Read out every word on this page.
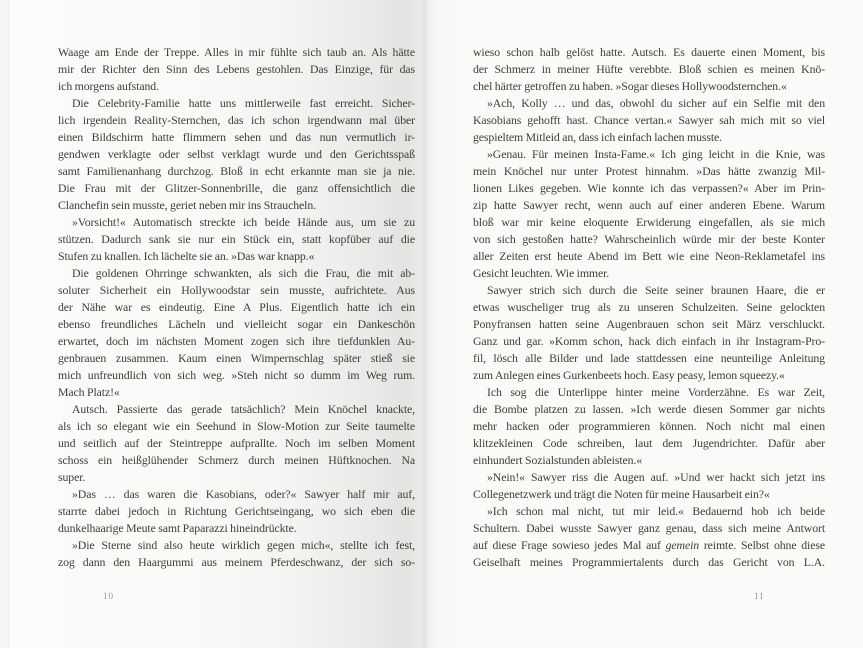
Waage am Ende der Treppe. Alles in mir fühlte sich taub an. Als hätte
mir der Richter den Sinn des Lebens gestohlen. Das Einzige, für das
ich morgens aufstand.
Die Celebrity-Familie hatte uns mittlerweile fast erreicht. Sicher-
lich irgendein Reality-Sternchen, das ich schon irgendwann mal über
einen Bildschirm hatte flimmern sehen und das nun vermutlich ir-
gendwen verklagte oder selbst verklagt wurde und den Gerichtsspaß
samt Familienanhang durchzog. Bloß in echt erkannte man sie ja nie.
Die Frau mit der Glitzer-Sonnenbrille, die ganz offensichtlich die
Clanchefin sein musste, geriet neben mir ins Straucheln.
»Vorsicht!« Automatisch streckte ich beide Hände aus, um sie zu
stützen. Dadurch sank sie nur ein Stück ein, statt kopfüber auf die
Stufen zu knallen. Ich lächelte sie an. »Das war knapp.«
Die goldenen Ohrringe schwankten, als sich die Frau, die mit ab-
soluter Sicherheit ein Hollywoodstar sein musste, aufrichtete. Aus
der Nähe war es eindeutig. Eine A Plus. Eigentlich hatte ich ein
ebenso freundliches Lächeln und vielleicht sogar ein Dankeschön
erwartet, doch im nächsten Moment zogen sich ihre tiefdunklen Au-
genbrauen zusammen. Kaum einen Wimpernschlag später stieß sie
mich unfreundlich von sich weg. »Steh nicht so dumm im Weg rum.
Mach Platz!«
Autsch. Passierte das gerade tatsächlich? Mein Knöchel knackte,
als ich so elegant wie ein Seehund in Slow-Motion zur Seite taumelte
und seitlich auf der Steintreppe aufprallte. Noch im selben Moment
schoss ein heißglühender Schmerz durch meinen Hüftknochen. Na
super.
»Das … das waren die Kasobians, oder?« Sawyer half mir auf,
starrte dabei jedoch in Richtung Gerichtseingang, wo sich eben die
dunkelhaarige Meute samt Paparazzi hineindrückte.
»Die Sterne sind also heute wirklich gegen mich«, stellte ich fest,
zog dann den Haargummi aus meinem Pferdeschwanz, der sich so-
10
wieso schon halb gelöst hatte. Autsch. Es dauerte einen Moment, bis
der Schmerz in meiner Hüfte verebbte. Bloß schien es meinen Knö-
chel härter getroffen zu haben. »Sogar dieses Hollywoodsternchen.«
»Ach, Kolly … und das, obwohl du sicher auf ein Selfie mit den
Kasobians gehofft hast. Chance vertan.« Sawyer sah mich mit so viel
gespieltem Mitleid an, dass ich einfach lachen musste.
»Genau. Für meinen Insta-Fame.« Ich ging leicht in die Knie, was
mein Knöchel nur unter Protest hinnahm. »Das hätte zwanzig Mil-
lionen Likes gegeben. Wie konnte ich das verpassen?« Aber im Prin-
zip hatte Sawyer recht, wenn auch auf einer anderen Ebene. Warum
bloß war mir keine eloquente Erwiderung eingefallen, als sie mich
von sich gestoßen hatte? Wahrscheinlich würde mir der beste Konter
aller Zeiten erst heute Abend im Bett wie eine Neon-Reklametafel ins
Gesicht leuchten. Wie immer.
Sawyer strich sich durch die Seite seiner braunen Haare, die er
etwas wuscheliger trug als zu unseren Schulzeiten. Seine gelockten
Ponyfransen hatten seine Augenbrauen schon seit März verschluckt.
Ganz und gar. »Komm schon, hack dich einfach in ihr Instagram-Pro-
fil, lösch alle Bilder und lade stattdessen eine neunteilige Anleitung
zum Anlegen eines Gurkenbeets hoch. Easy peasy, lemon squeezy.«
Ich sog die Unterlippe hinter meine Vorderzähne. Es war Zeit,
die Bombe platzen zu lassen. »Ich werde diesen Sommer gar nichts
mehr hacken oder programmieren können. Noch nicht mal einen
klitzekleinen Code schreiben, laut dem Jugendrichter. Dafür aber
einhundert Sozialstunden ableisten.«
»Nein!« Sawyer riss die Augen auf. »Und wer hackt sich jetzt ins
Collegenetzwerk und trägt die Noten für meine Hausarbeit ein?«
»Ich schon mal nicht, tut mir leid.« Bedauernd hob ich beide
Schultern. Dabei wusste Sawyer ganz genau, dass sich meine Antwort
auf diese Frage sowieso jedes Mal auf gemein reimte. Selbst ohne diese
Geiselhaft meines Programmiertalents durch das Gericht von L.A.
11
